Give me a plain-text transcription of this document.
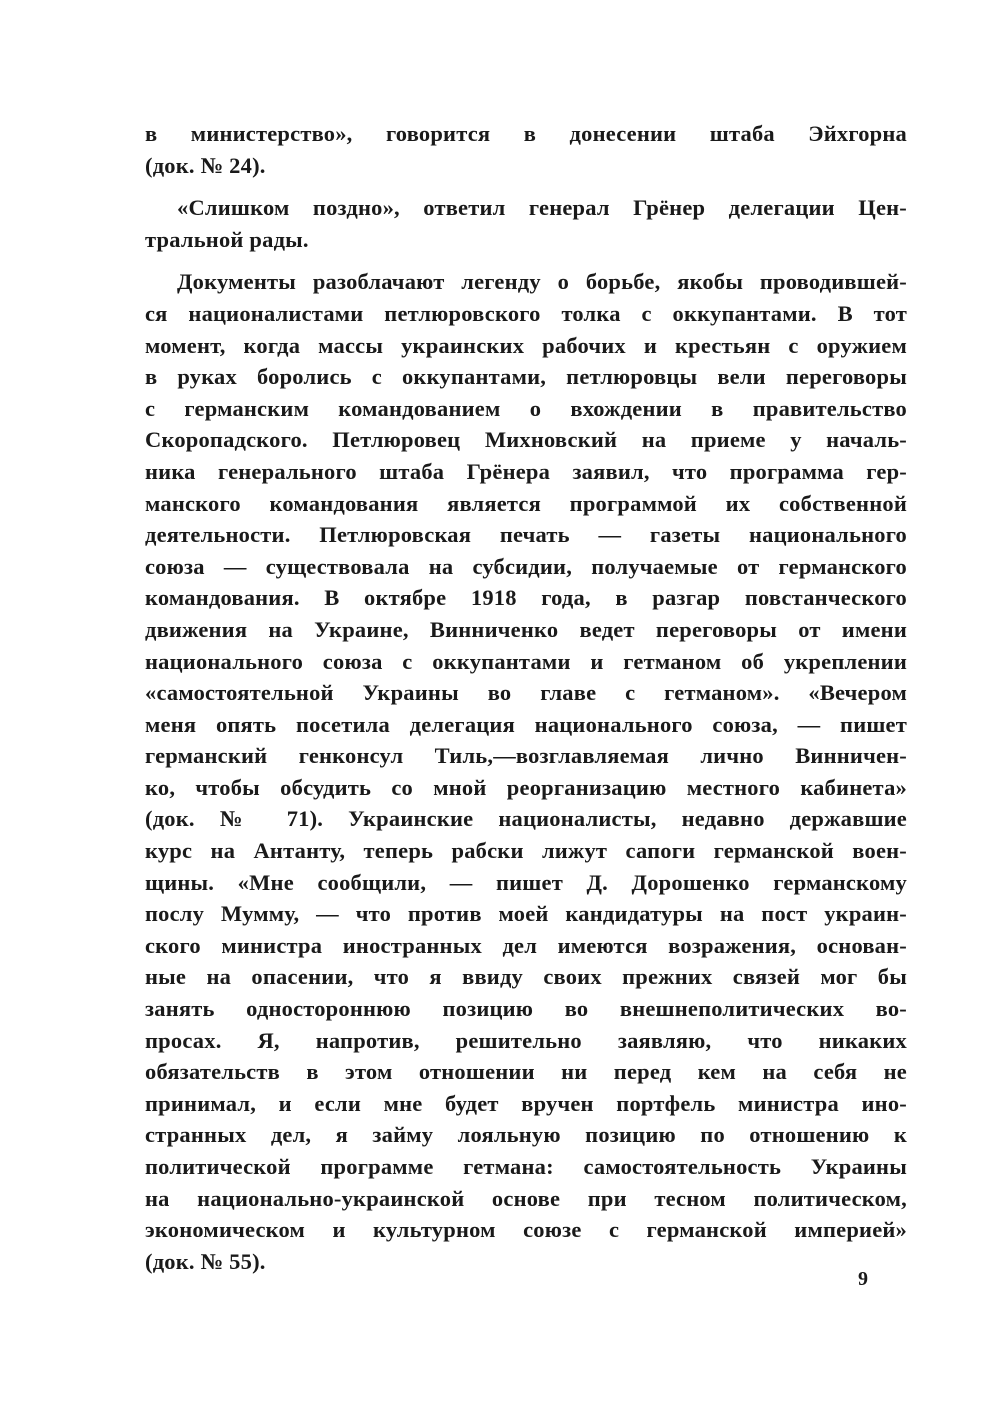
в министерство», говорится в донесении штаба Эйхгорна
(док. № 24).
«Слишком поздно», ответил генерал Грёнер делегации Цен-
тральной рады.
Документы разоблачают легенду о борьбе, якобы проводившей-
ся националистами петлюровского толка с оккупантами. В тот
момент, когда массы украинских рабочих и крестьян с оружием
в руках боролись с оккупантами, петлюровцы вели переговоры
с германским командованием о вхождении в правительство
Скоропадского. Петлюровец Михновский на приеме у началь-
ника генерального штаба Грёнера заявил, что программа гер-
манского командования является программой их собственной
деятельности. Петлюровская печать — газеты национального
союза — существовала на субсидии, получаемые от германского
командования. В октябре 1918 года, в разгар повстанческого
движения на Украине, Винниченко ведет переговоры от имени
национального союза с оккупантами и гетманом об укреплении
«самостоятельной Украины во главе с гетманом». «Вечером
меня опять посетила делегация национального союза, — пишет
германский генконсул Тиль,—возглавляемая лично Винничен-
ко, чтобы обсудить со мной реорганизацию местного кабинета»
(док. № 71). Украинские националисты, недавно державшие
курс на Антанту, теперь рабски лижут сапоги германской воен-
щины. «Мне сообщили, — пишет Д. Дорошенко германскому
послу Мумму, — что против моей кандидатуры на пост украин-
ского министра иностранных дел имеются возражения, основан-
ные на опасении, что я ввиду своих прежних связей мог бы
занять одностороннюю позицию во внешнеполитических во-
просах. Я, напротив, решительно заявляю, что никаких
обязательств в этом отношении ни перед кем на себя не
принимал, и если мне будет вручен портфель министра ино-
странных дел, я займу лояльную позицию по отношению к
политической программе гетмана: самостоятельность Украины
на национально-украинской основе при тесном политическом,
экономическом и культурном союзе с германской империей»
(док. № 55).
9
